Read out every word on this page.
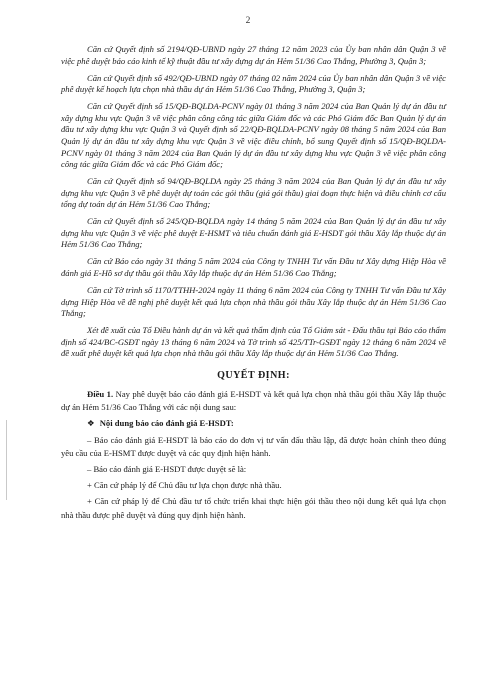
2

Căn cứ Quyết định số 2194/QĐ-UBND ngày 27 tháng 12 năm 2023 của Ủy ban nhân dân Quận 3 về việc phê duyệt báo cáo kinh tế kỹ thuật đầu tư xây dựng dự án Hẻm 51/36 Cao Thắng, Phường 3, Quận 3;

Căn cứ Quyết định số 492/QĐ-UBND ngày 07 tháng 02 năm 2024 của Ủy ban nhân dân Quận 3 về việc phê duyệt kế hoạch lựa chọn nhà thầu dự án Hẻm 51/36 Cao Thắng, Phường 3, Quận 3;

Căn cứ Quyết định số 15/QĐ-BQLDA-PCNV ngày 01 tháng 3 năm 2024 của Ban Quản lý dự án đầu tư xây dựng khu vực Quận 3 về việc phân công công tác giữa Giám đốc và các Phó Giám đốc Ban Quản lý dự án đầu tư xây dựng khu vực Quận 3 và Quyết định số 22/QĐ-BQLDA-PCNV ngày 08 tháng 5 năm 2024 của Ban Quản lý dự án đầu tư xây dựng khu vực Quận 3 về việc điều chỉnh, bổ sung Quyết định số 15/QĐ-BQLDA-PCNV ngày 01 tháng 3 năm 2024 của Ban Quản lý dự án đầu tư xây dựng khu vực Quận 3 về việc phân công công tác giữa Giám đốc và các Phó Giám đốc;

Căn cứ Quyết định số 94/QĐ-BQLDA ngày 25 tháng 3 năm 2024 của Ban Quản lý dự án đầu tư xây dựng khu vực Quận 3 về phê duyệt dự toán các gói thầu (giá gói thầu) giai đoạn thực hiện và điều chỉnh cơ cấu tổng dự toán dự án Hẻm 51/36 Cao Thắng;

Căn cứ Quyết định số 245/QĐ-BQLDA ngày 14 tháng 5 năm 2024 của Ban Quản lý dự án đầu tư xây dựng khu vực Quận 3 về việc phê duyệt E-HSMT và tiêu chuẩn đánh giá E-HSDT gói thầu Xây lắp thuộc dự án Hẻm 51/36 Cao Thắng;

Căn cứ Báo cáo ngày 31 tháng 5 năm 2024 của Công ty TNHH Tư vấn Đầu tư Xây dựng Hiệp Hòa về đánh giá E-Hồ sơ dự thầu gói thầu Xây lắp thuộc dự án Hẻm 51/36 Cao Thắng;

Căn cứ Tờ trình số 1170/TTHH-2024 ngày 11 tháng 6 năm 2024 của Công ty TNHH Tư vấn Đầu tư Xây dựng Hiệp Hòa về đề nghị phê duyệt kết quả lựa chọn nhà thầu gói thầu Xây lắp thuộc dự án Hẻm 51/36 Cao Thắng;

Xét đề xuất của Tổ Điều hành dự án và kết quả thẩm định của Tổ Giám sát - Đấu thầu tại Báo cáo thẩm định số 424/BC-GSĐT ngày 13 tháng 6 năm 2024 và Tờ trình số 425/TTr-GSĐT ngày 12 tháng 6 năm 2024 về đề xuất phê duyệt kết quả lựa chọn nhà thầu gói thầu Xây lắp thuộc dự án Hẻm 51/36 Cao Thắng.

QUYẾT ĐỊNH:

Điều 1. Nay phê duyệt báo cáo đánh giá E-HSDT và kết quả lựa chọn nhà thầu gói thầu Xây lắp thuộc dự án Hẻm 51/36 Cao Thắng với các nội dung sau:

❖ Nội dung báo cáo đánh giá E-HSDT:

– Báo cáo đánh giá E-HSDT là báo cáo do đơn vị tư vấn đấu thầu lập, đã được hoàn chỉnh theo đúng yêu cầu của E-HSMT được duyệt và các quy định hiện hành.

– Báo cáo đánh giá E-HSDT được duyệt sẽ là:

+ Căn cứ pháp lý để Chủ đầu tư lựa chọn được nhà thầu.

+ Căn cứ pháp lý để Chủ đầu tư tổ chức triển khai thực hiện gói thầu theo nội dung kết quả lựa chọn nhà thầu được phê duyệt và đúng quy định hiện hành.
